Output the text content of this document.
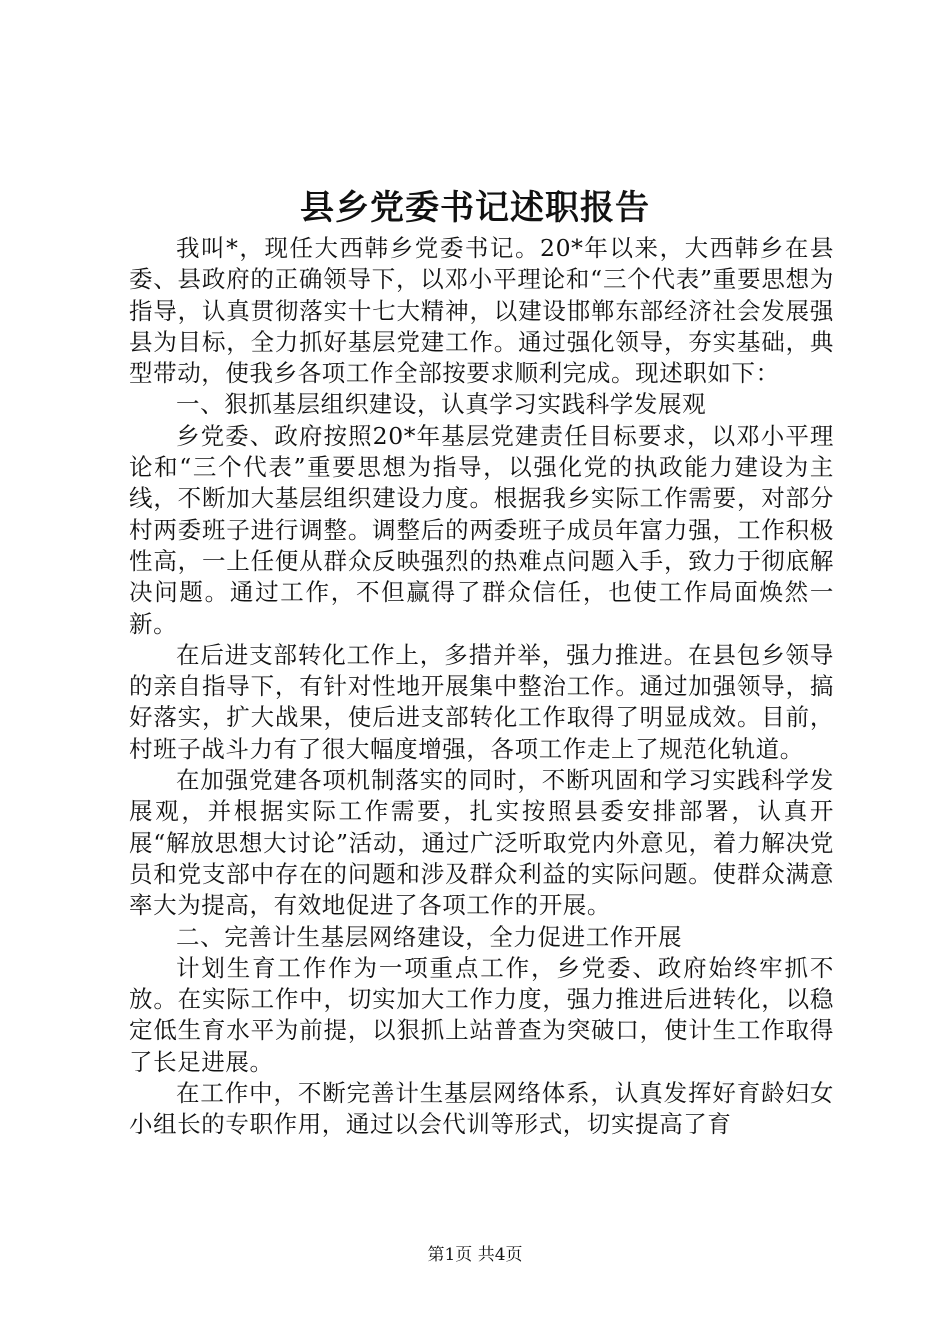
县乡党委书记述职报告

我叫*，现任大西韩乡党委书记。20*年以来，大西韩乡在县委、县政府的正确领导下，以邓小平理论和“三个代表”重要思想为指导，认真贯彻落实十七大精神，以建设邯郸东部经济社会发展强县为目标，全力抓好基层党建工作。通过强化领导，夯实基础，典型带动，使我乡各项工作全部按要求顺利完成。现述职如下：

一、狠抓基层组织建设，认真学习实践科学发展观

乡党委、政府按照20*年基层党建责任目标要求，以邓小平理论和“三个代表”重要思想为指导，以强化党的执政能力建设为主线，不断加大基层组织建设力度。根据我乡实际工作需要，对部分村两委班子进行调整。调整后的两委班子成员年富力强，工作积极性高，一上任便从群众反映强烈的热难点问题入手，致力于彻底解决问题。通过工作，不但赢得了群众信任，也使工作局面焕然一新。

在后进支部转化工作上，多措并举，强力推进。在县包乡领导的亲自指导下，有针对性地开展集中整治工作。通过加强领导，搞好落实，扩大战果，使后进支部转化工作取得了明显成效。目前，村班子战斗力有了很大幅度增强，各项工作走上了规范化轨道。

在加强党建各项机制落实的同时，不断巩固和学习实践科学发展观，并根据实际工作需要，扎实按照县委安排部署，认真开展“解放思想大讨论”活动，通过广泛听取党内外意见，着力解决党员和党支部中存在的问题和涉及群众利益的实际问题。使群众满意率大为提高，有效地促进了各项工作的开展。

二、完善计生基层网络建设，全力促进工作开展

计划生育工作作为一项重点工作，乡党委、政府始终牢抓不放。在实际工作中，切实加大工作力度，强力推进后进转化，以稳定低生育水平为前提，以狠抓上站普查为突破口，使计生工作取得了长足进展。

在工作中，不断完善计生基层网络体系，认真发挥好育龄妇女小组长的专职作用，通过以会代训等形式，切实提高了育

第1页 共4页
